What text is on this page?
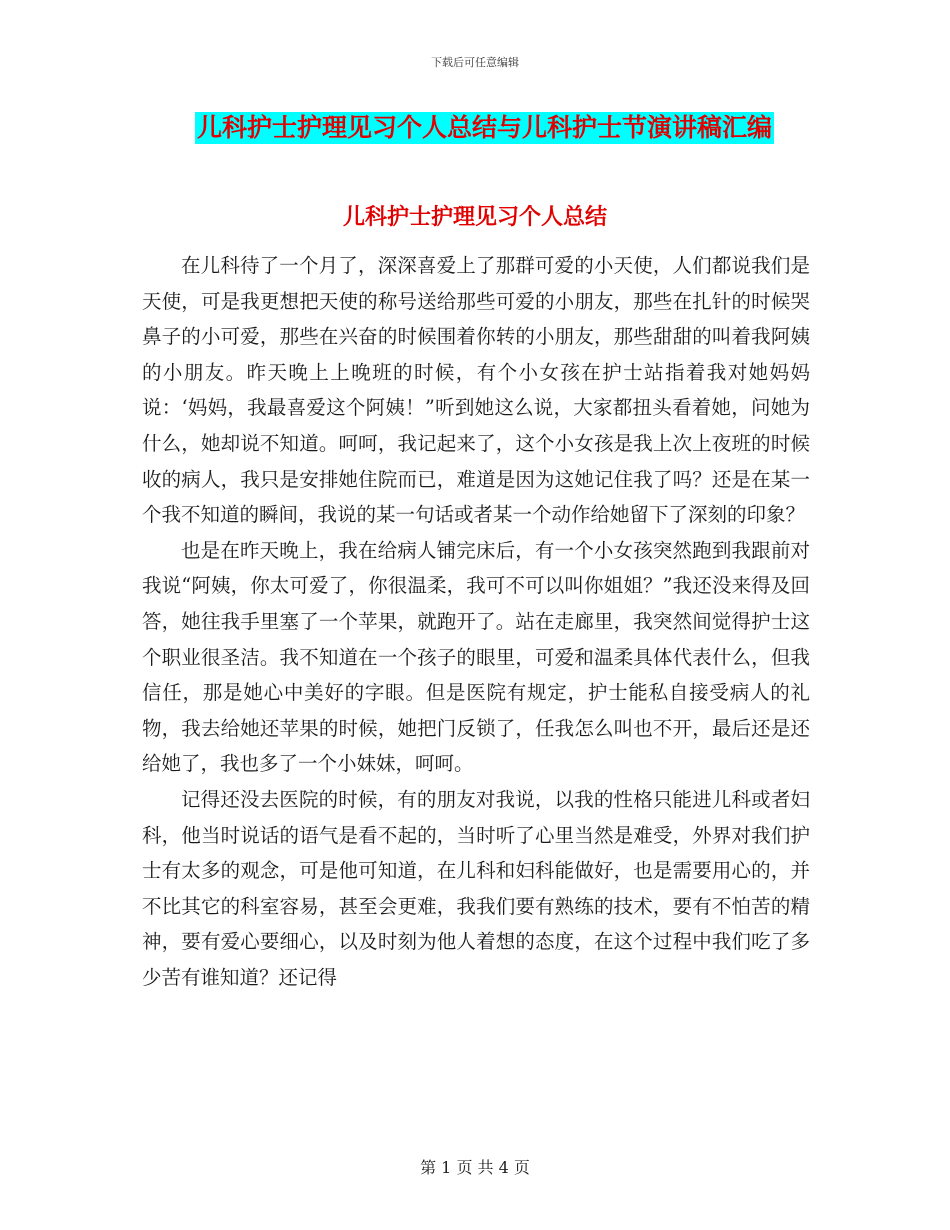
下载后可任意编辑
儿科护士护理见习个人总结与儿科护士节演讲稿汇编
儿科护士护理见习个人总结

在儿科待了一个月了，深深喜爱上了那群可爱的小天使，人们都说我们是天使，可是我更想把天使的称号送给那些可爱的小朋友，那些在扎针的时候哭鼻子的小可爱，那些在兴奋的时候围着你转的小朋友，那些甜甜的叫着我阿姨的小朋友。昨天晚上上晚班的时候，有个小女孩在护士站指着我对她妈妈说：‘妈妈，我最喜爱这个阿姨！”听到她这么说，大家都扭头看着她，问她为什么，她却说不知道。呵呵，我记起来了，这个小女孩是我上次上夜班的时候收的病人，我只是安排她住院而已，难道是因为这她记住我了吗？还是在某一个我不知道的瞬间，我说的某一句话或者某一个动作给她留下了深刻的印象？

也是在昨天晚上，我在给病人铺完床后，有一个小女孩突然跑到我跟前对我说“阿姨，你太可爱了，你很温柔，我可不可以叫你姐姐？”我还没来得及回答，她往我手里塞了一个苹果，就跑开了。站在走廊里，我突然间觉得护士这个职业很圣洁。我不知道在一个孩子的眼里，可爱和温柔具体代表什么，但我信任，那是她心中美好的字眼。但是医院有规定，护士能私自接受病人的礼物，我去给她还苹果的时候，她把门反锁了，任我怎么叫也不开，最后还是还给她了，我也多了一个小妹妹，呵呵。

记得还没去医院的时候，有的朋友对我说，以我的性格只能进儿科或者妇科，他当时说话的语气是看不起的，当时听了心里当然是难受，外界对我们护士有太多的观念，可是他可知道，在儿科和妇科能做好，也是需要用心的，并不比其它的科室容易，甚至会更难，我我们要有熟练的技术，要有不怕苦的精神，要有爱心要细心，以及时刻为他人着想的态度，在这个过程中我们吃了多少苦有谁知道？还记得

第 1 页 共 4 页
